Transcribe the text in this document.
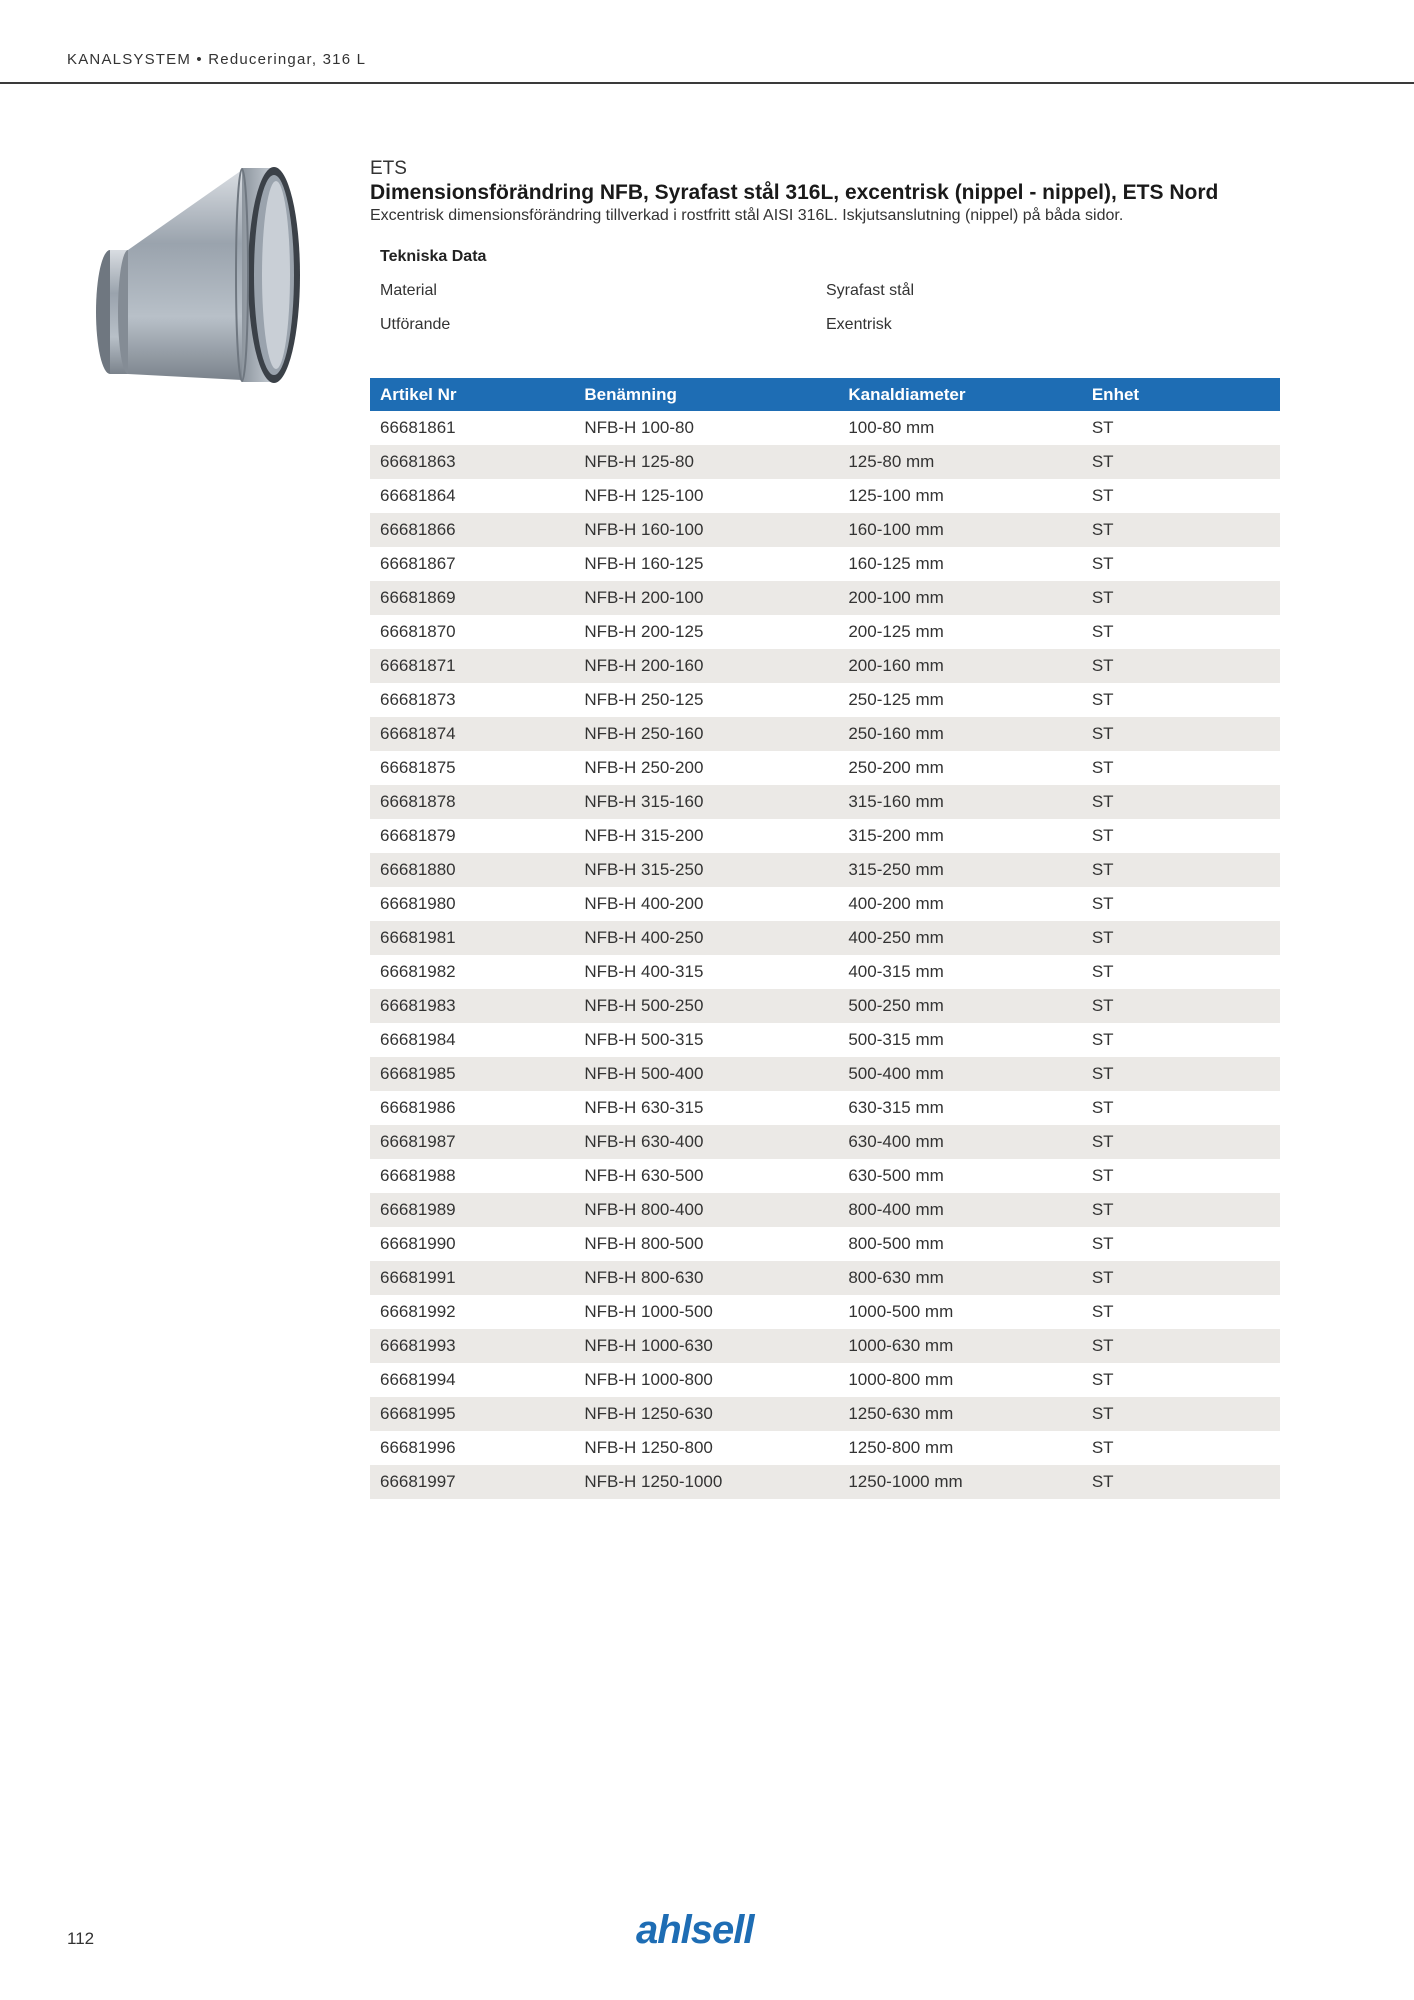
KANALSYSTEM • Reduceringar, 316 L
ETS
Dimensionsförändring NFB, Syrafast stål 316L, excentrisk (nippel - nippel), ETS Nord
Excentrisk dimensionsförändring tillverkad i rostfritt stål AISI 316L. Iskjutsanslutning (nippel) på båda sidor.
Tekniska Data
Material	Syrafast stål
Utförande	Exentrisk
Artikel Nr	Benämning	Kanaldiameter	Enhet
66681861	NFB-H 100-80	100-80 mm	ST
66681863	NFB-H 125-80	125-80 mm	ST
66681864	NFB-H 125-100	125-100 mm	ST
66681866	NFB-H 160-100	160-100 mm	ST
66681867	NFB-H 160-125	160-125 mm	ST
66681869	NFB-H 200-100	200-100 mm	ST
66681870	NFB-H 200-125	200-125 mm	ST
66681871	NFB-H 200-160	200-160 mm	ST
66681873	NFB-H 250-125	250-125 mm	ST
66681874	NFB-H 250-160	250-160 mm	ST
66681875	NFB-H 250-200	250-200 mm	ST
66681878	NFB-H 315-160	315-160 mm	ST
66681879	NFB-H 315-200	315-200 mm	ST
66681880	NFB-H 315-250	315-250 mm	ST
66681980	NFB-H 400-200	400-200 mm	ST
66681981	NFB-H 400-250	400-250 mm	ST
66681982	NFB-H 400-315	400-315 mm	ST
66681983	NFB-H 500-250	500-250 mm	ST
66681984	NFB-H 500-315	500-315 mm	ST
66681985	NFB-H 500-400	500-400 mm	ST
66681986	NFB-H 630-315	630-315 mm	ST
66681987	NFB-H 630-400	630-400 mm	ST
66681988	NFB-H 630-500	630-500 mm	ST
66681989	NFB-H 800-400	800-400 mm	ST
66681990	NFB-H 800-500	800-500 mm	ST
66681991	NFB-H 800-630	800-630 mm	ST
66681992	NFB-H 1000-500	1000-500 mm	ST
66681993	NFB-H 1000-630	1000-630 mm	ST
66681994	NFB-H 1000-800	1000-800 mm	ST
66681995	NFB-H 1250-630	1250-630 mm	ST
66681996	NFB-H 1250-800	1250-800 mm	ST
66681997	NFB-H 1250-1000	1250-1000 mm	ST
112	ahlsell
